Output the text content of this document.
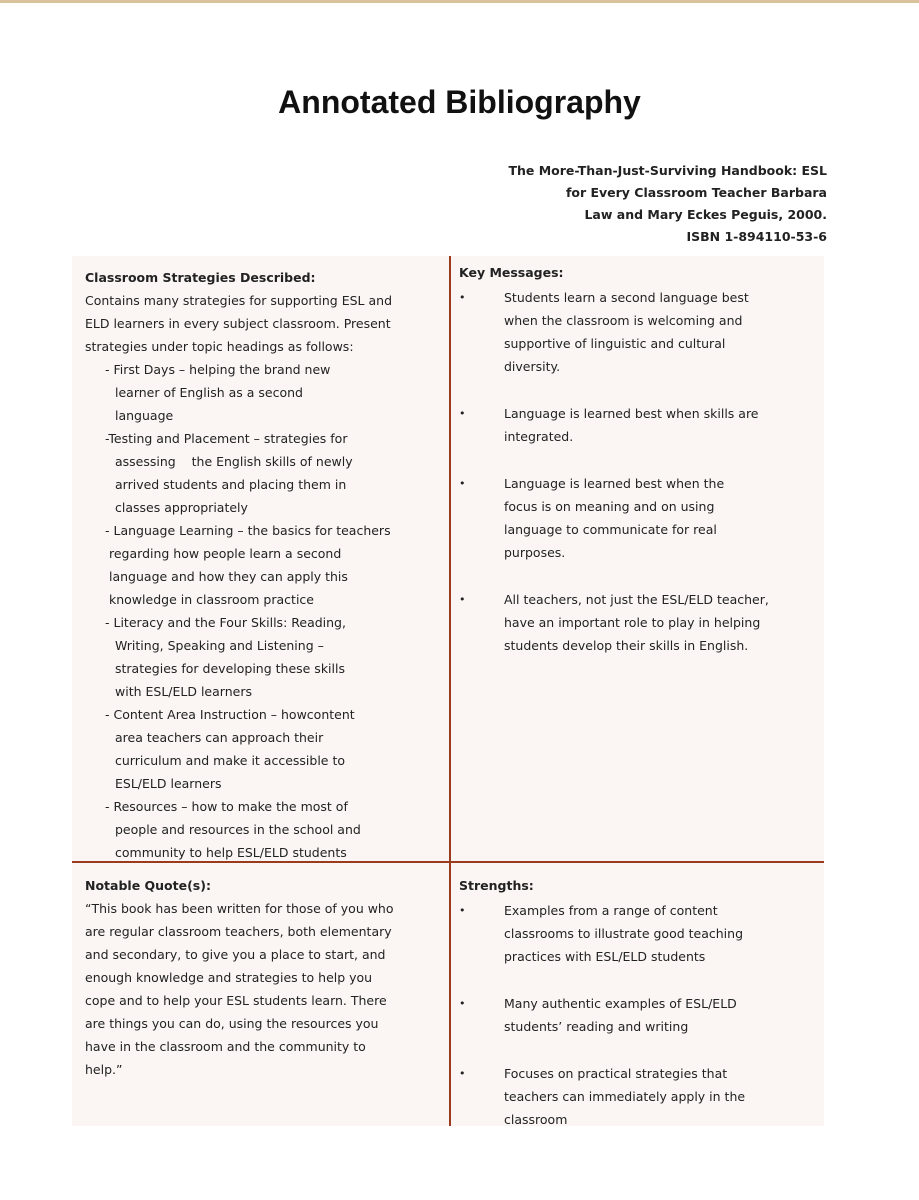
Annotated Bibliography
The More-Than-Just-Surviving Handbook: ESL
for Every Classroom Teacher Barbara
Law and Mary Eckes Peguis, 2000.
ISBN 1-894110-53-6
Classroom Strategies Described:
Contains many strategies for supporting ESL and
ELD learners in every subject classroom. Present
strategies under topic headings as follows:
- First Days – helping the brand new
learner of English as a second
language
-Testing and Placement – strategies for
assessing    the English skills of newly
arrived students and placing them in
classes appropriately
- Language Learning – the basics for teachers
regarding how people learn a second
language and how they can apply this
knowledge in classroom practice
- Literacy and the Four Skills: Reading,
Writing, Speaking and Listening –
strategies for developing these skills
with ESL/ELD learners
- Content Area Instruction – howcontent
area teachers can approach their
curriculum and make it accessible to
ESL/ELD learners
- Resources – how to make the most of
people and resources in the school and
community to help ESL/ELD students
Key Messages:
•	Students learn a second language best
when the classroom is welcoming and
supportive of linguistic and cultural
diversity.
•	Language is learned best when skills are
integrated.
•	Language is learned best when the
focus is on meaning and on using
language to communicate for real
purposes.
•	All teachers, not just the ESL/ELD teacher,
have an important role to play in helping
students develop their skills in English.
Notable Quote(s):
“This book has been written for those of you who
are regular classroom teachers, both elementary
and secondary, to give you a place to start, and
enough knowledge and strategies to help you
cope and to help your ESL students learn. There
are things you can do, using the resources you
have in the classroom and the community to
help.”
Strengths:
•	Examples from a range of content
classrooms to illustrate good teaching
practices with ESL/ELD students
•	Many authentic examples of ESL/ELD
students’ reading and writing
•	Focuses on practical strategies that
teachers can immediately apply in the
classroom
